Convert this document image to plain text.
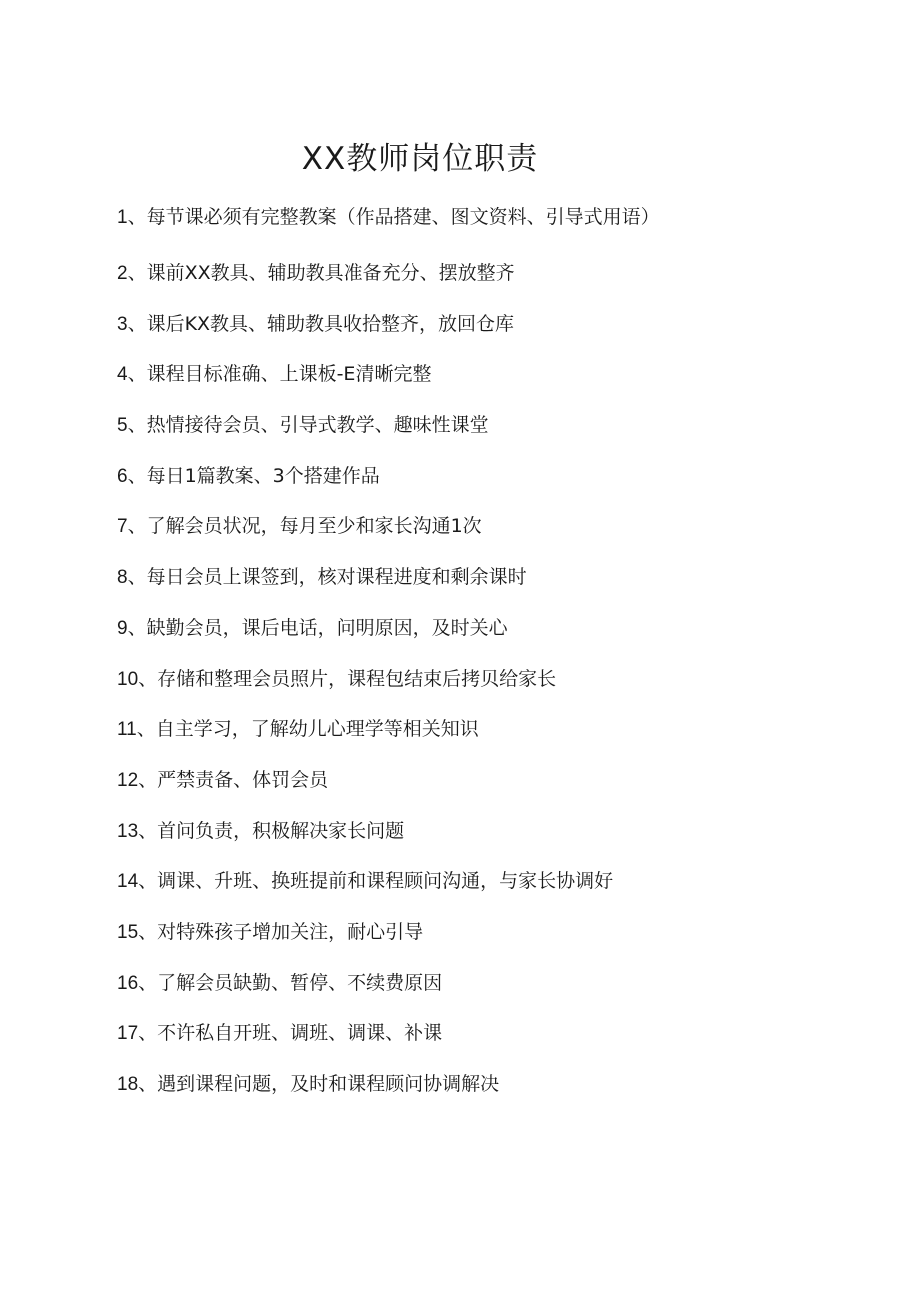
XX教师岗位职责
1、每节课必须有完整教案（作品搭建、图文资料、引导式用语）
2、课前XX教具、辅助教具准备充分、摆放整齐
3、课后KX教具、辅助教具收拾整齐，放回仓库
4、课程目标准确、上课板-E清晰完整
5、热情接待会员、引导式教学、趣味性课堂
6、每日1篇教案、3个搭建作品
7、了解会员状况，每月至少和家长沟通1次
8、每日会员上课签到，核对课程进度和剩余课时
9、缺勤会员，课后电话，问明原因，及时关心
10、存储和整理会员照片，课程包结束后拷贝给家长
11、自主学习，了解幼儿心理学等相关知识
12、严禁责备、体罚会员
13、首问负责，积极解决家长问题
14、调课、升班、换班提前和课程顾问沟通，与家长协调好
15、对特殊孩子增加关注，耐心引导
16、了解会员缺勤、暂停、不续费原因
17、不许私自开班、调班、调课、补课
18、遇到课程问题，及时和课程顾问协调解决
